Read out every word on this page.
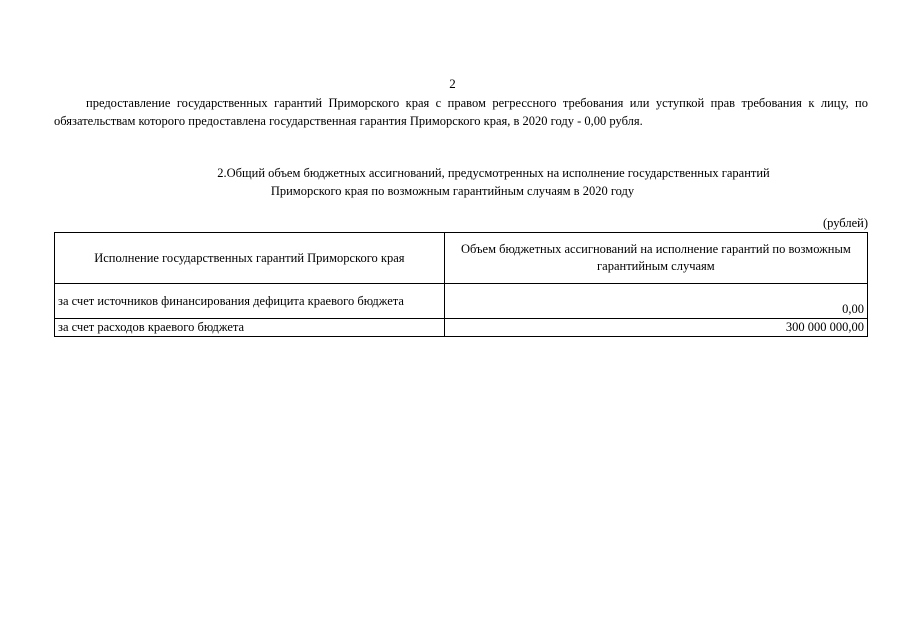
2

предоставление государственных гарантий Приморского края с правом регрессного требования или уступкой прав требования к лицу, по обязательствам которого предоставлена государственная гарантия Приморского края, в 2020 году - 0,00 рубля.

2.Общий объем бюджетных ассигнований, предусмотренных на исполнение государственных гарантий
Приморского края по возможным гарантийным случаям в 2020 году
(рублей)
Исполнение государственных гарантий Приморского края	Объем бюджетных ассигнований на исполнение гарантий по возможным гарантийным случаям
за счет источников финансирования дефицита краевого бюджета	0,00
за счет расходов краевого бюджета	300 000 000,00
